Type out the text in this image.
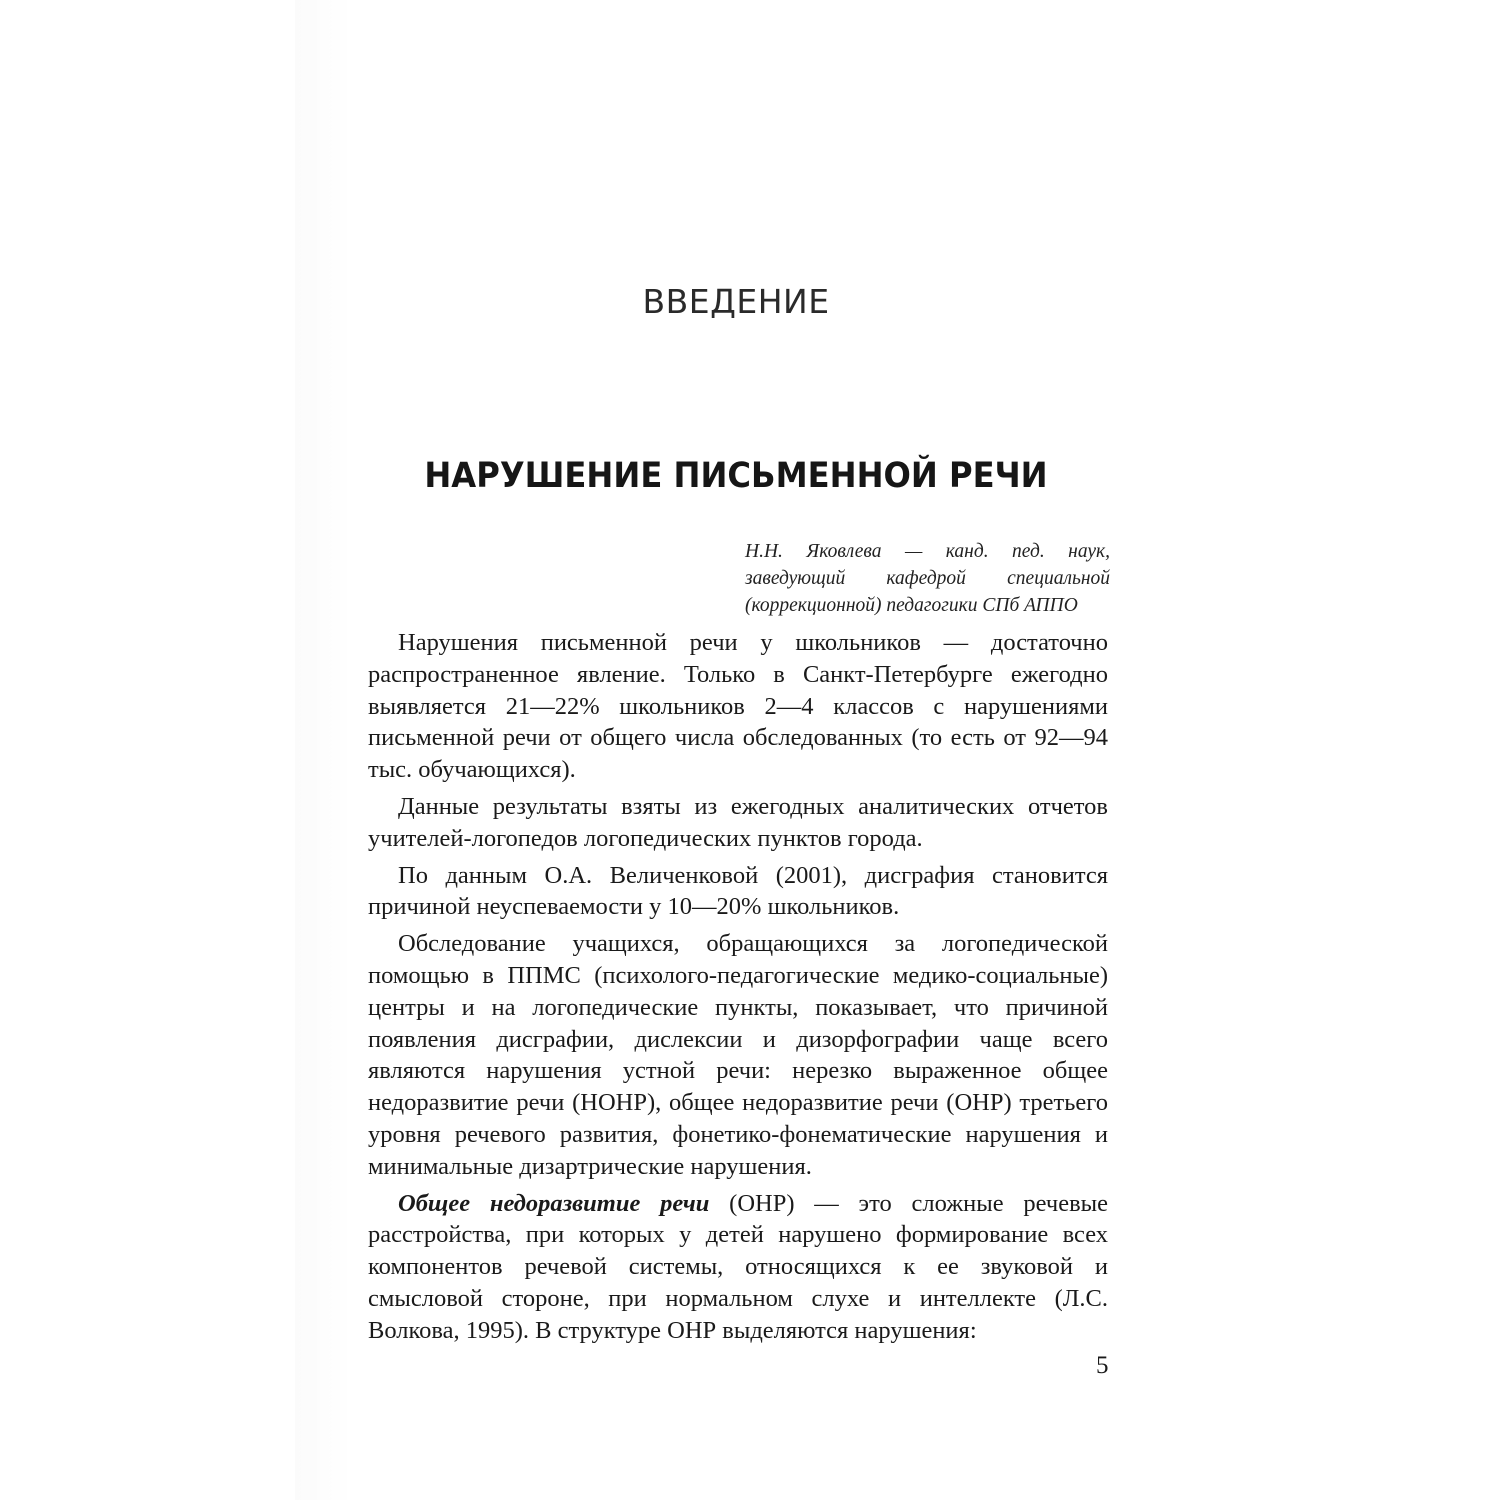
ВВЕДЕНИЕ
НАРУШЕНИЕ ПИСЬМЕННОЙ РЕЧИ
Н.Н. Яковлева — канд. пед. наук, заведующий кафедрой специальной (коррекционной) педагогики СПб АППО

Нарушения письменной речи у школьников — достаточно распространенное явление. Только в Санкт-Петербурге ежегодно выявляется 21—22% школьников 2—4 классов с нарушениями письменной речи от общего числа обследованных (то есть от 92—94 тыс. обучающихся).

Данные результаты взяты из ежегодных аналитических отчетов учителей-логопедов логопедических пунктов города.

По данным О.А. Величенковой (2001), дисграфия становится причиной неуспеваемости у 10—20% школьников.

Обследование учащихся, обращающихся за логопедической помощью в ППМС (психолого-педагогические медико-социальные) центры и на логопедические пункты, показывает, что причиной появления дисграфии, дислексии и дизорфографии чаще всего являются нарушения устной речи: нерезко выраженное общее недоразвитие речи (НОНР), общее недоразвитие речи (ОНР) третьего уровня речевого развития, фонетико-фонематические нарушения и минимальные дизартрические нарушения.

Общее недоразвитие речи (ОНР) — это сложные речевые расстройства, при которых у детей нарушено формирование всех компонентов речевой системы, относящихся к ее звуковой и смысловой стороне, при нормальном слухе и интеллекте (Л.С. Волкова, 1995). В структуре ОНР выделяются нарушения:

5
